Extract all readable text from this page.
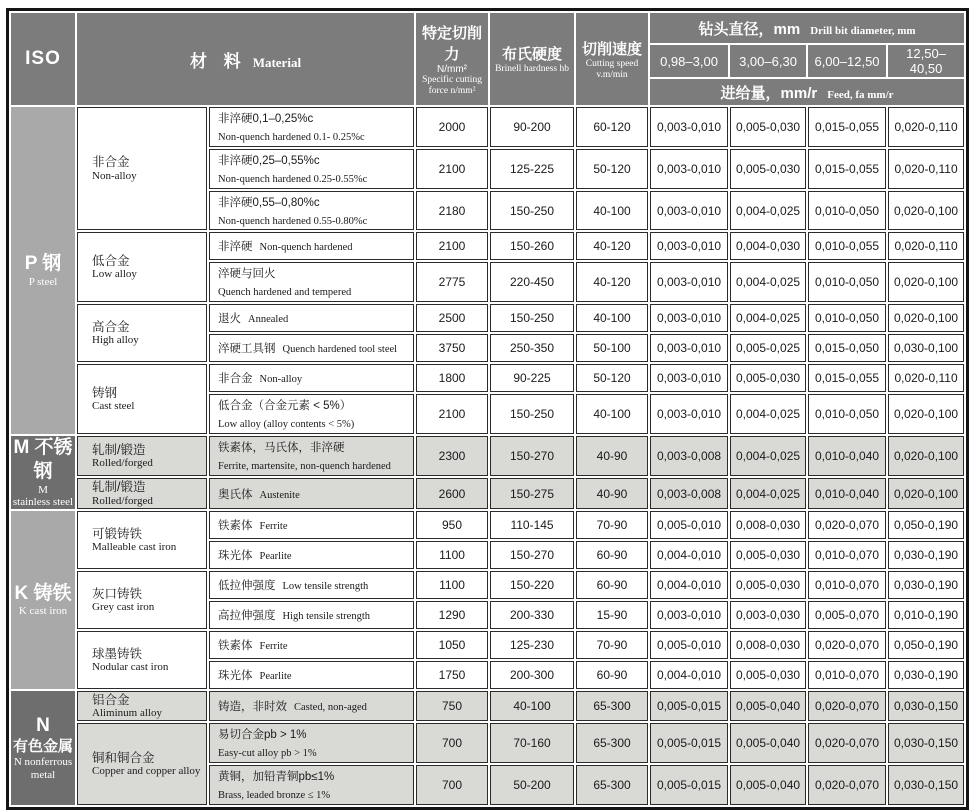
ISO	材 料 Material		特定切削力
N/mm²
Specific cutting force n/mm²	布氏硬度
Brinell hardness hb	切削速度
Cutting speed v.m/min	钻头直径，mm Drill bit diameter, mm			
						0,98–3,00	3,00–6,30	6,00–12,50	12,50–40,50
						进给量，mm/r Feed, fa mm/r			

P 钢
P steel	非合金
Non-alloy	非淬硬0,1–0,25%cNon-quench hardened 0.1- 0.25%c	2000	90-200	60-120	0,003-0,010	0,005-0,030	0,015-0,055	0,020-0,110
		非淬硬0,25–0,55%cNon-quench hardened 0.25-0.55%c	2100	125-225	50-120	0,003-0,010	0,005-0,030	0,015-0,055	0,020-0,110
		非淬硬0,55–0,80%cNon-quench hardened 0.55-0.80%c	2180	150-250	40-100	0,003-0,010	0,004-0,025	0,010-0,050	0,020-0,100

	低合金
Low alloy	非淬硬 Non-quench hardened	2100	150-260	40-120	0,003-0,010	0,004-0,030	0,010-0,055	0,020-0,110
		淬硬与回火Quench hardened and tempered	2775	220-450	40-120	0,003-0,010	0,004-0,025	0,010-0,050	0,020-0,100

	高合金
High alloy	退火 Annealed	2500	150-250	40-100	0,003-0,010	0,004-0,025	0,010-0,050	0,020-0,100
		淬硬工具钢 Quench hardened tool steel	3750	250-350	50-100	0,003-0,010	0,005-0,025	0,015-0,050	0,030-0,100

	铸钢
Cast steel	非合金 Non-alloy	1800	90-225	50-120	0,003-0,010	0,005-0,030	0,015-0,055	0,020-0,110
		低合金（合金元素 < 5%）Low alloy (alloy contents < 5%)	2100	150-250	40-100	0,003-0,010	0,004-0,025	0,010-0,050	0,020-0,100

M 不锈钢
M
stainless steel	轧制/锻造
Rolled/forged	铁素体，马氏体，非淬硬Ferrite, martensite, non-quench hardened	2300	150-270	40-90	0,003-0,008	0,004-0,025	0,010-0,040	0,020-0,100

	轧制/锻造
Rolled/forged	奥氏体 Austenite	2600	150-275	40-90	0,003-0,008	0,004-0,025	0,010-0,040	0,020-0,100

K 铸铁
K cast iron	可锻铸铁
Malleable cast iron	铁素体 Ferrite	950	110-145	70-90	0,005-0,010	0,008-0,030	0,020-0,070	0,050-0,190
		珠光体 Pearlite	1100	150-270	60-90	0,004-0,010	0,005-0,030	0,010-0,070	0,030-0,190

	灰口铸铁
Grey cast iron	低拉伸强度 Low tensile strength	1100	150-220	60-90	0,004-0,010	0,005-0,030	0,010-0,070	0,030-0,190
		高拉伸强度 High tensile strength	1290	200-330	15-90	0,003-0,010	0,003-0,030	0,005-0,070	0,010-0,190

	球墨铸铁
Nodular cast iron	铁素体 Ferrite	1050	125-230	70-90	0,005-0,010	0,008-0,030	0,020-0,070	0,050-0,190
		珠光体 Pearlite	1750	200-300	60-90	0,004-0,010	0,005-0,030	0,010-0,070	0,030-0,190

N
有色金属
N nonferrous metal	铝合金
Aliminum alloy	铸造，非时效 Casted, non-aged	750	40-100	65-300	0,005-0,015	0,005-0,040	0,020-0,070	0,030-0,150

	铜和铜合金
Copper and copper alloy	易切合金pb > 1%Easy-cut alloy pb > 1%	700	70-160	65-300	0,005-0,015	0,005-0,040	0,020-0,070	0,030-0,150
		黄铜，加铅青铜pb≤1%Brass, leaded bronze ≤ 1%	700	50-200	65-300	0,005-0,015	0,005-0,040	0,020-0,070	0,030-0,150
